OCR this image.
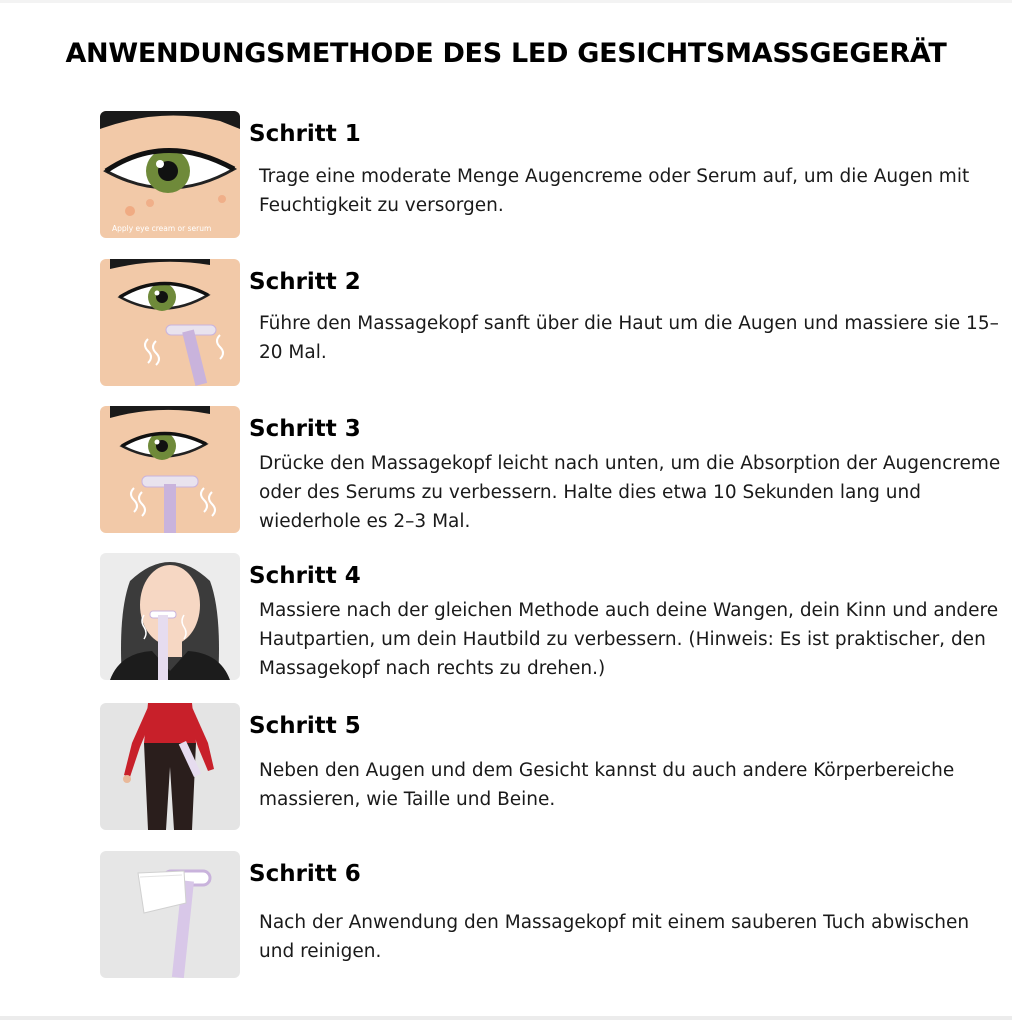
ANWENDUNGSMETHODE DES LED GESICHTSMASSGEGERÄT
Apply eye cream or serum
Schritt 1
Trage eine moderate Menge Augencreme oder Serum auf, um die Augen mit Feuchtigkeit zu versorgen.
Schritt 2
Führe den Massagekopf sanft über die Haut um die Augen und massiere sie 15–20 Mal.
Schritt 3
Drücke den Massagekopf leicht nach unten, um die Absorption der Augencreme oder des Serums zu verbessern. Halte dies etwa 10 Sekunden lang und wiederhole es 2–3 Mal.
Schritt 4
Massiere nach der gleichen Methode auch deine Wangen, dein Kinn und andere Hautpartien, um dein Hautbild zu verbessern. (Hinweis: Es ist praktischer, den Massagekopf nach rechts zu drehen.)
Schritt 5
Neben den Augen und dem Gesicht kannst du auch andere Körperbereiche massieren, wie Taille und Beine.
Schritt 6
Nach der Anwendung den Massagekopf mit einem sauberen Tuch abwischen und reinigen.
